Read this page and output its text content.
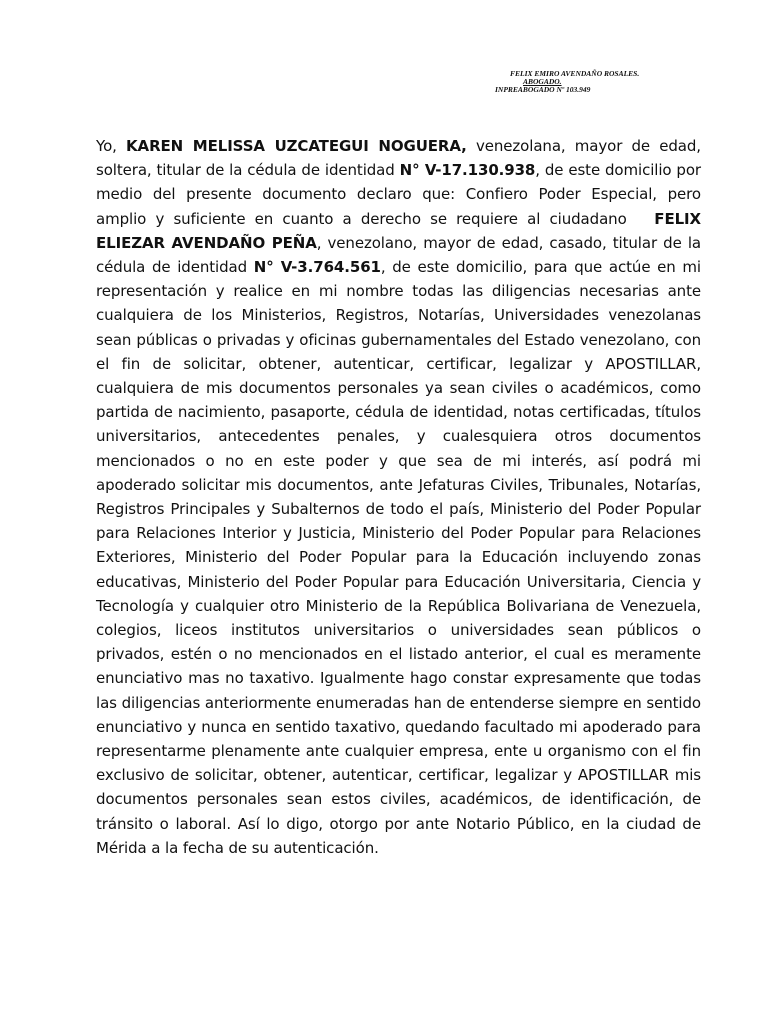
FELIX EMIRO AVENDAÑO ROSALES.
ABOGADO.
INPREABOGADO Nº 103.949
Yo, KAREN MELISSA UZCATEGUI NOGUERA, venezolana, mayor de edad, soltera, titular de la cédula de identidad N° V-17.130.938, de este domicilio por medio del presente documento declaro que: Confiero Poder Especial, pero amplio y suficiente en cuanto a derecho se requiere al ciudadano   FELIX ELIEZAR AVENDAÑO PEÑA, venezolano, mayor de edad, casado, titular de la cédula de identidad N° V-3.764.561, de este domicilio, para que actúe en mi representación y realice en mi nombre todas las diligencias necesarias ante cualquiera de los Ministerios, Registros, Notarías, Universidades venezolanas sean públicas o privadas y oficinas gubernamentales del Estado venezolano, con el fin de solicitar, obtener, autenticar, certificar, legalizar y APOSTILLAR, cualquiera de mis documentos personales ya sean civiles o académicos, como partida de nacimiento, pasaporte, cédula de identidad, notas certificadas, títulos universitarios, antecedentes penales, y cualesquiera otros documentos mencionados o no en este poder y que sea de mi interés, así podrá mi apoderado solicitar mis documentos, ante Jefaturas Civiles, Tribunales, Notarías, Registros Principales y Subalternos de todo el país, Ministerio del Poder Popular para Relaciones Interior y Justicia, Ministerio del Poder Popular para Relaciones Exteriores, Ministerio del Poder Popular para la Educación incluyendo zonas educativas, Ministerio del Poder Popular para Educación Universitaria, Ciencia y Tecnología y cualquier otro Ministerio de la República Bolivariana de Venezuela, colegios, liceos institutos universitarios o universidades sean públicos o privados, estén o no mencionados en el listado anterior, el cual es meramente enunciativo mas no taxativo. Igualmente hago constar expresamente que todas las diligencias anteriormente enumeradas han de entenderse siempre en sentido enunciativo y nunca en sentido taxativo, quedando facultado mi apoderado para representarme plenamente ante cualquier empresa, ente u organismo con el fin exclusivo de solicitar, obtener, autenticar, certificar, legalizar y APOSTILLAR mis documentos personales sean estos civiles, académicos, de identificación, de tránsito o laboral. Así lo digo, otorgo por ante Notario Público, en la ciudad de Mérida a la fecha de su autenticación.
